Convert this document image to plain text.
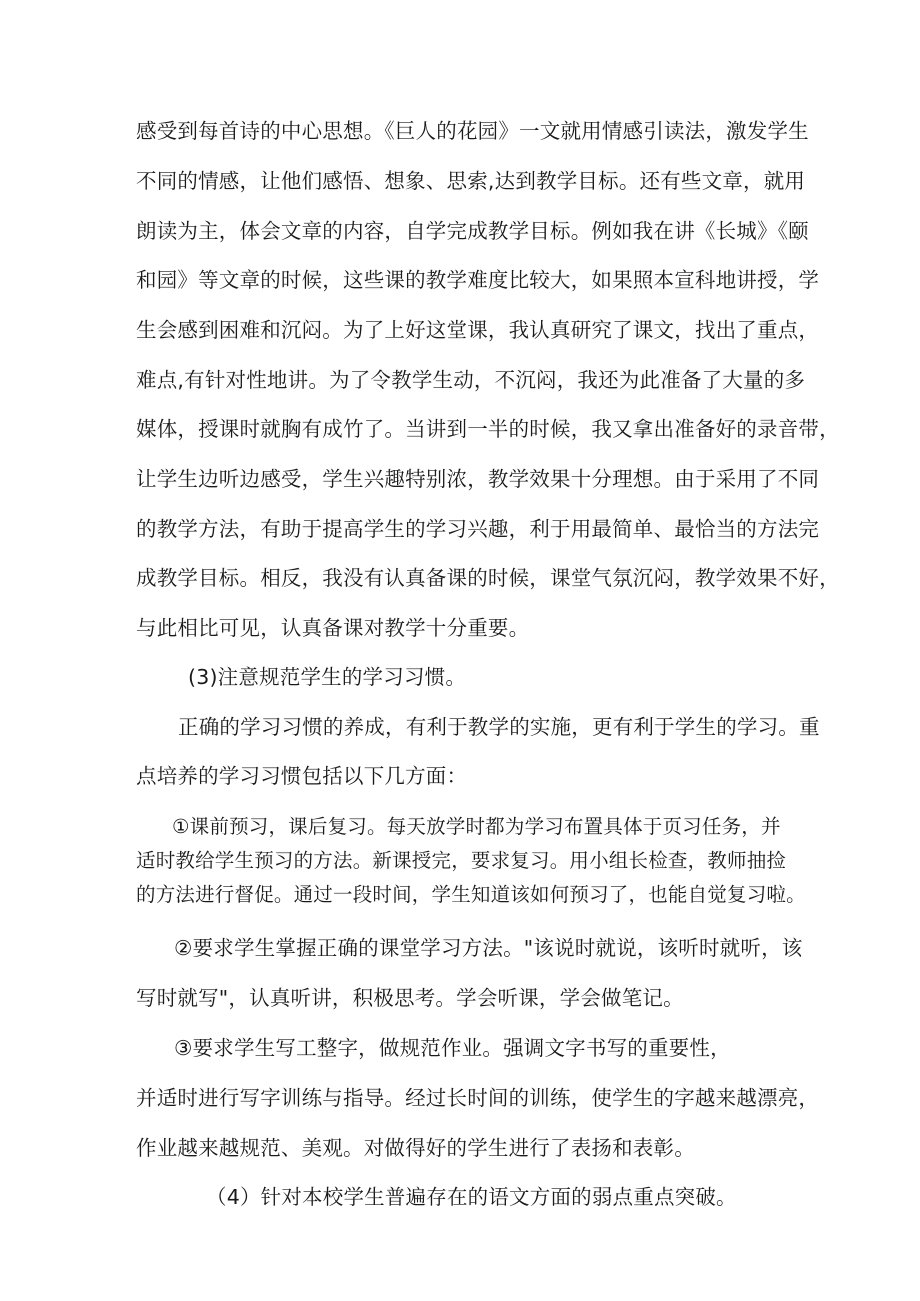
感受到每首诗的中心思想。《巨人的花园》一文就用情感引读法，激发学生
不同的情感，让他们感悟、想象、思索,达到教学目标。还有些文章，就用
朗读为主，体会文章的内容，自学完成教学目标。例如我在讲《长城》《颐
和园》等文章的时候，这些课的教学难度比较大，如果照本宣科地讲授，学
生会感到困难和沉闷。为了上好这堂课，我认真研究了课文，找出了重点，
难点,有针对性地讲。为了令教学生动，不沉闷，我还为此准备了大量的多
媒体，授课时就胸有成竹了。当讲到一半的时候，我又拿出准备好的录音带，
让学生边听边感受，学生兴趣特别浓，教学效果十分理想。由于采用了不同
的教学方法，有助于提高学生的学习兴趣，利于用最简单、最恰当的方法完
成教学目标。相反，我没有认真备课的时候，课堂气氛沉闷，教学效果不好，
与此相比可见，认真备课对教学十分重要。
(3)注意规范学生的学习习惯。
正确的学习习惯的养成，有利于教学的实施，更有利于学生的学习。重
点培养的学习习惯包括以下几方面：
①课前预习，课后复习。每天放学时都为学习布置具体于页习任务，并
适时教给学生预习的方法。新课授完，要求复习。用小组长检查，教师抽捡
的方法进行督促。通过一段时间，学生知道该如何预习了，也能自觉复习啦。
②要求学生掌握正确的课堂学习方法。"该说时就说，该听时就听，该
写时就写"，认真听讲，积极思考。学会听课，学会做笔记。
③要求学生写工整字，做规范作业。强调文字书写的重要性，
并适时进行写字训练与指导。经过长时间的训练，使学生的字越来越漂亮，
作业越来越规范、美观。对做得好的学生进行了表扬和表彰。
（4）针对本校学生普遍存在的语文方面的弱点重点突破。
